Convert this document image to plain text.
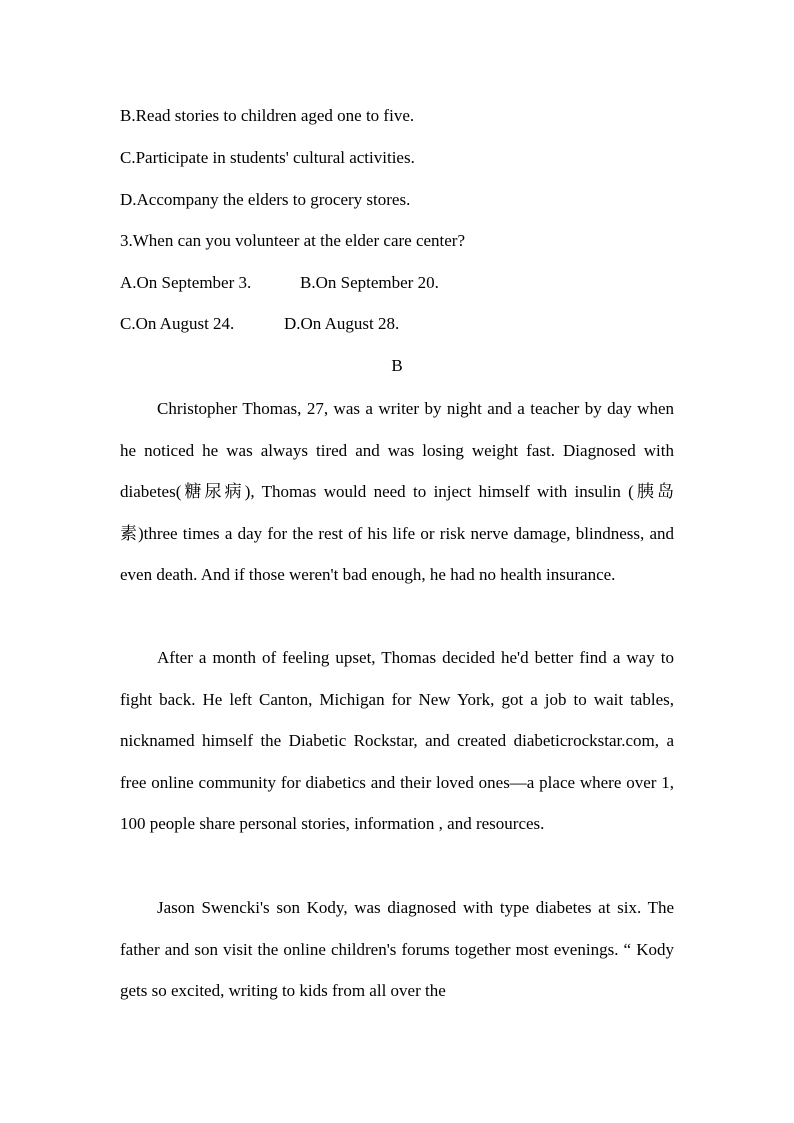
B.Read stories to children aged one to five.
C.Participate in students' cultural activities.
D.Accompany the elders to grocery stores.
3.When can you volunteer at the elder care center?
A.On September 3.	B.On September 20.
C.On August 24.	D.On August 28.
B

Christopher Thomas, 27, was a writer by night and a teacher by day when he noticed he was always tired and was losing weight fast. Diagnosed with diabetes(糖尿病), Thomas would need to inject himself with insulin (胰岛素)three times a day for the rest of his life or risk nerve damage, blindness, and even death. And if those weren't bad enough, he had no health insurance.

After a month of feeling upset, Thomas decided he'd better find a way to fight back. He left Canton, Michigan for New York, got a job to wait tables, nicknamed himself the Diabetic Rockstar, and created diabeticrockstar.com, a free online community for diabetics and their loved ones—a place where over 1, 100 people share personal stories, information , and resources.

Jason Swencki's son Kody, was diagnosed with type diabetes at six. The father and son visit the online children's forums together most evenings. “ Kody gets so excited, writing to kids from all over the
